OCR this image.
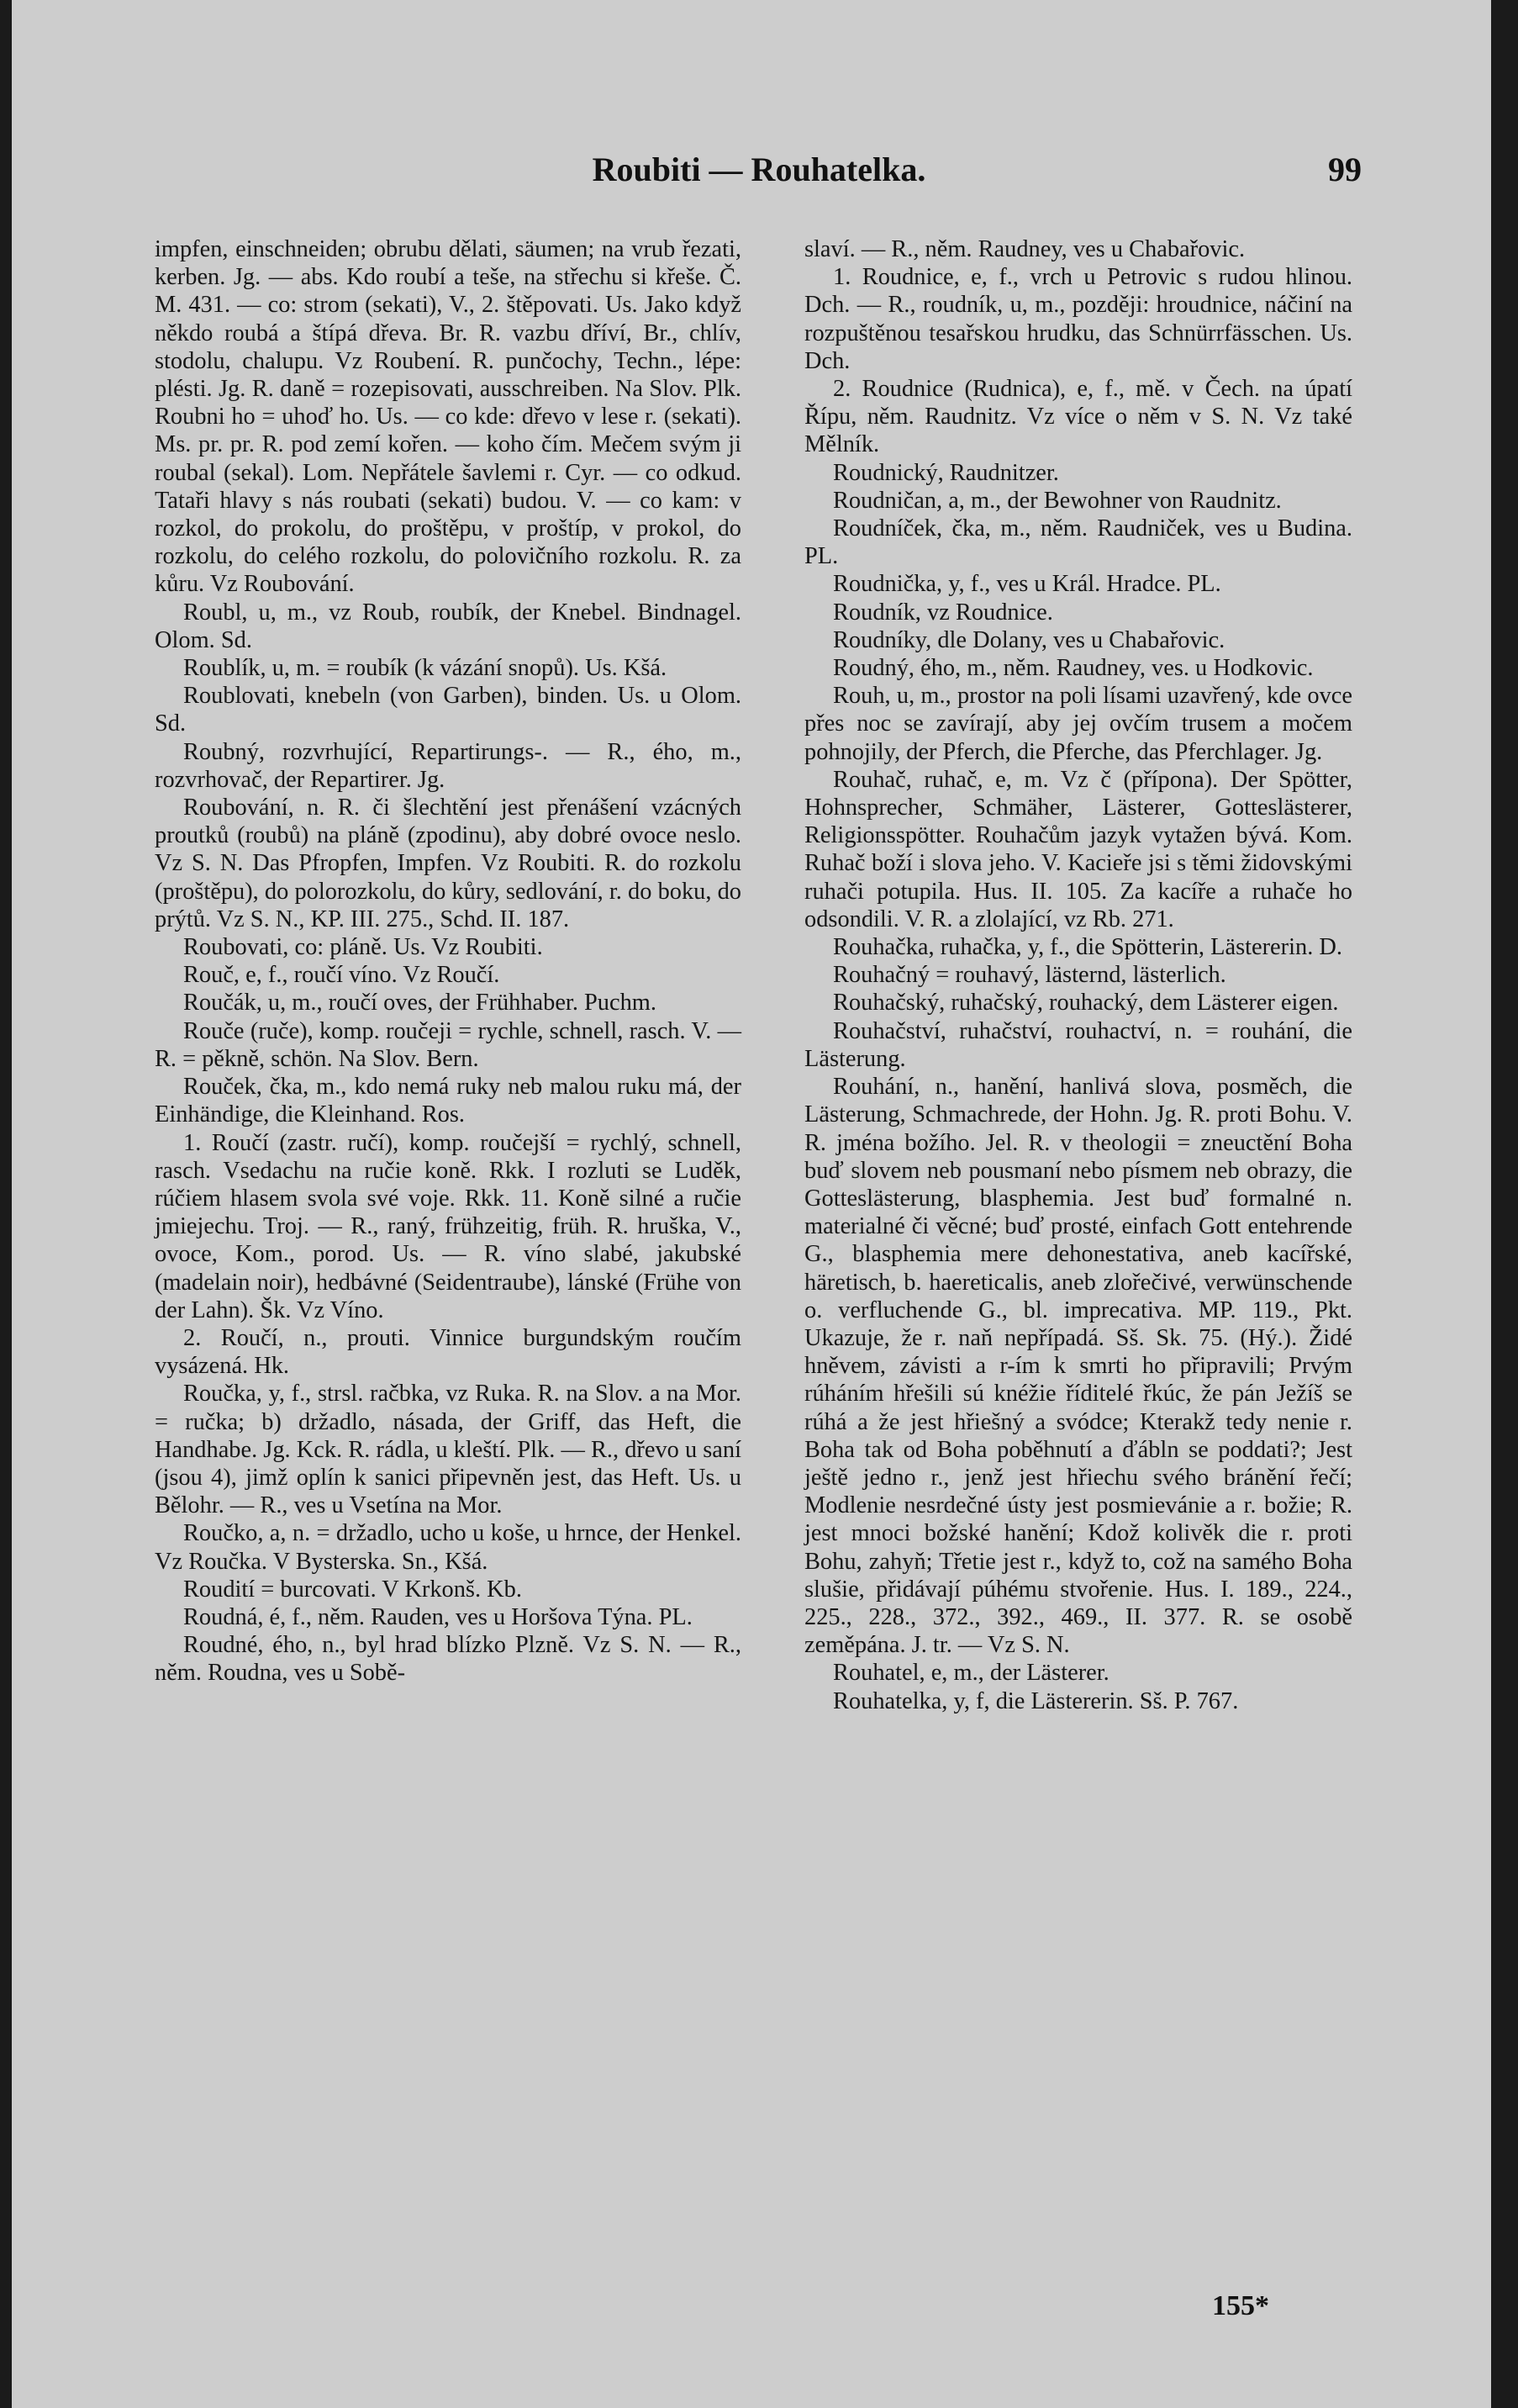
Roubiti — Rouhatelka.	99

impfen, einschneiden; obrubu dělati, säumen; na vrub řezati, kerben. Jg. — abs. Kdo roubí a teše, na střechu si křeše. Č. M. 431. — co: strom (sekati), V., 2. štěpovati. Us. Jako když někdo roubá a štípá dřeva. Br. R. vazbu dříví, Br., chlív, stodolu, chalupu. Vz Roubení. R. punčochy, Techn., lépe: plésti. Jg. R. daně = rozepisovati, ausschreiben. Na Slov. Plk. Roubni ho = uhoď ho. Us. — co kde: dřevo v lese r. (sekati). Ms. pr. pr. R. pod zemí kořen. — koho čím. Mečem svým ji roubal (sekal). Lom. Nepřátele šavlemi r. Cyr. — co odkud. Tataři hlavy s nás roubati (sekati) budou. V. — co kam: v rozkol, do prokolu, do proštěpu, v proštíp, v prokol, do rozkolu, do celého rozkolu, do polovičního rozkolu. R. za kůru. Vz Roubování.

Roubl, u, m., vz Roub, roubík, der Knebel. Bindnagel. Olom. Sd.

Roublík, u, m. = roubík (k vázání snopů). Us. Kšá.

Roublovati, knebeln (von Garben), binden. Us. u Olom. Sd.

Roubný, rozvrhující, Repartirungs-. — R., ého, m., rozvrhovač, der Repartirer. Jg.

Roubování, n. R. či šlechtění jest přenášení vzácných proutků (roubů) na pláně (zpodinu), aby dobré ovoce neslo. Vz S. N. Das Pfropfen, Impfen. Vz Roubiti. R. do rozkolu (proštěpu), do polorozkolu, do kůry, sedlování, r. do boku, do prýtů. Vz S. N., KP. III. 275., Schd. II. 187.

Roubovati, co: pláně. Us. Vz Roubiti.

Rouč, e, f., roučí víno. Vz Roučí.

Roučák, u, m., roučí oves, der Frühhaber. Puchm.

Rouče (ruče), komp. roučeji = rychle, schnell, rasch. V. — R. = pěkně, schön. Na Slov. Bern.

Rouček, čka, m., kdo nemá ruky neb malou ruku má, der Einhändige, die Kleinhand. Ros.

1. Roučí (zastr. ručí), komp. roučejší = rychlý, schnell, rasch. Vsedachu na ručie koně. Rkk. I rozluti se Luděk, rúčiem hlasem svola své voje. Rkk. 11. Koně silné a ručie jmiejechu. Troj. — R., raný, frühzeitig, früh. R. hruška, V., ovoce, Kom., porod. Us. — R. víno slabé, jakubské (madelain noir), hedbávné (Seidentraube), lánské (Frühe von der Lahn). Šk. Vz Víno.

2. Roučí, n., prouti. Vinnice burgundským roučím vysázená. Hk.

Roučka, y, f., strsl. račbka, vz Ruka. R. na Slov. a na Mor. = ručka; b) držadlo, násada, der Griff, das Heft, die Handhabe. Jg. Kck. R. rádla, u kleští. Plk. — R., dřevo u saní (jsou 4), jimž oplín k sanici připevněn jest, das Heft. Us. u Bělohr. — R., ves u Vsetína na Mor.

Roučko, a, n. = držadlo, ucho u koše, u hrnce, der Henkel. Vz Roučka. V Bysterska. Sn., Kšá.

Roudití = burcovati. V Krkonš. Kb.

Roudná, é, f., něm. Rauden, ves u Horšova Týna. PL.

Roudné, ého, n., byl hrad blízko Plzně. Vz S. N. — R., něm. Roudna, ves u Sobě-

slaví. — R., něm. Raudney, ves u Chabařovic.

1. Roudnice, e, f., vrch u Petrovic s rudou hlinou. Dch. — R., roudník, u, m., později: hroudnice, náčiní na rozpuštěnou tesařskou hrudku, das Schnürrfässchen. Us. Dch.

2. Roudnice (Rudnica), e, f., mě. v Čech. na úpatí Řípu, něm. Raudnitz. Vz více o něm v S. N. Vz také Mělník.

Roudnický, Raudnitzer.

Roudničan, a, m., der Bewohner von Raudnitz.

Roudníček, čka, m., něm. Raudniček, ves u Budina. PL.

Roudnička, y, f., ves u Král. Hradce. PL.

Roudník, vz Roudnice.

Roudníky, dle Dolany, ves u Chabařovic.

Roudný, ého, m., něm. Raudney, ves. u Hodkovic.

Rouh, u, m., prostor na poli lísami uzavřený, kde ovce přes noc se zavírají, aby jej ovčím trusem a močem pohnojily, der Pferch, die Pferche, das Pferchlager. Jg.

Rouhač, ruhač, e, m. Vz č (přípona). Der Spötter, Hohnsprecher, Schmäher, Lästerer, Gotteslästerer, Religionsspötter. Rouhačům jazyk vytažen bývá. Kom. Ruhač boží i slova jeho. V. Kacieře jsi s těmi židovskými ruhači potupila. Hus. II. 105. Za kacíře a ruhače ho odsondili. V. R. a zlolající, vz Rb. 271.

Rouhačka, ruhačka, y, f., die Spötterin, Lästererin. D.

Rouhačný = rouhavý, lästernd, lästerlich.

Rouhačský, ruhačský, rouhacký, dem Lästerer eigen.

Rouhačství, ruhačství, rouhactví, n. = rouhání, die Lästerung.

Rouhání, n., hanění, hanlivá slova, posměch, die Lästerung, Schmachrede, der Hohn. Jg. R. proti Bohu. V. R. jména božího. Jel. R. v theologii = zneuctění Boha buď slovem neb pousmaní nebo písmem neb obrazy, die Gotteslästerung, blasphemia. Jest buď formalné n. materialné či věcné; buď prosté, einfach Gott entehrende G., blasphemia mere dehonestativa, aneb kacířské, häretisch, b. haereticalis, aneb zlořečivé, verwünschende o. verfluchende G., bl. imprecativa. MP. 119., Pkt. Ukazuje, že r. naň nepřípadá. Sš. Sk. 75. (Hý.). Židé hněvem, závisti a r-ím k smrti ho připravili; Prvým rúháním hřešili sú knéžie říditelé řkúc, že pán Ježíš se rúhá a že jest hřiešný a svódce; Kterakž tedy nenie r. Boha tak od Boha poběhnutí a ďábln se poddati?; Jest ještě jedno r., jenž jest hřiechu svého bránění řečí; Modlenie nesrdečné ústy jest posmievánie a r. božie; R. jest mnoci božské hanění; Kdož kolivěk die r. proti Bohu, zahyň; Třetie jest r., když to, což na samého Boha slušie, přidávají púhému stvořenie. Hus. I. 189., 224., 225., 228., 372., 392., 469., II. 377. R. se osobě zeměpána. J. tr. — Vz S. N.

Rouhatel, e, m., der Lästerer.

Rouhatelka, y, f, die Lästererin. Sš. P. 767.

155*
